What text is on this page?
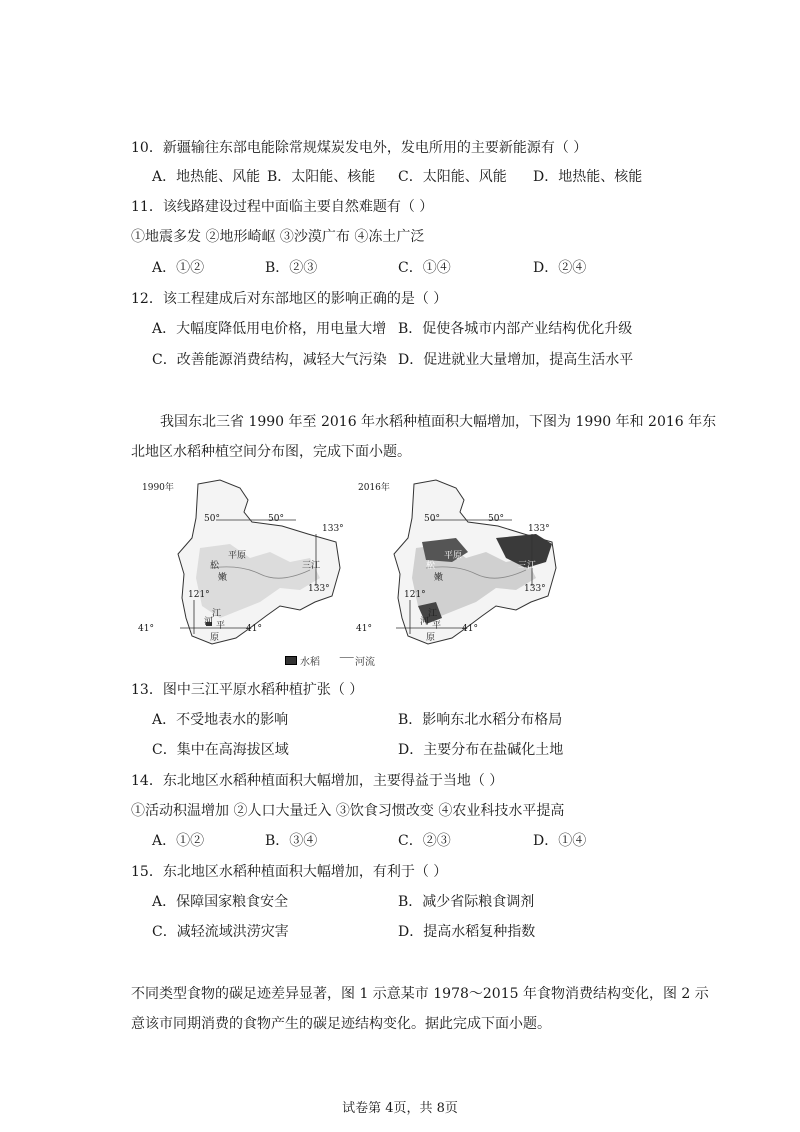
10．新疆输往东部电能除常规煤炭发电外，发电所用的主要新能源有（ ）
A．地热能、风能 B．太阳能、核能 C．太阳能、风能 D．地热能、核能
11．该线路建设过程中面临主要自然难题有（ ）
①地震多发 ②地形崎岖 ③沙漠广布 ④冻土广泛
A．①②	B．②③	C．①④	D．②④
12．该工程建成后对东部地区的影响正确的是（ ）
A．大幅度降低用电价格，用电量大增 B．促使各城市内部产业结构优化升级
C．改善能源消费结构，减轻大气污染 D．促进就业大量增加，提高生活水平
我国东北三省 1990 年至 2016 年水稻种植面积大幅增加，下图为 1990 年和 2016 年东
北地区水稻种植空间分布图，完成下面小题。
1990年
50°	50°
133°
133°
121°
41°	41°
松
嫩
平原
三江
江
河 平
原
2016年
50°	50°
133°
133°
121°
41°	41°
松
嫩
平原
三江
江
河 平
原
水稻	河流
13．图中三江平原水稻种植扩张（ ）
A．不受地表水的影响	B．影响东北水稻分布格局
C．集中在高海拔区域	D．主要分布在盐碱化土地
14．东北地区水稻种植面积大幅增加，主要得益于当地（ ）
①活动积温增加 ②人口大量迁入 ③饮食习惯改变 ④农业科技水平提高
A．①②	B．③④	C．②③	D．①④
15．东北地区水稻种植面积大幅增加，有利于（ ）
A．保障国家粮食安全	B．减少省际粮食调剂
C．减轻流域洪涝灾害	D．提高水稻复种指数
不同类型食物的碳足迹差异显著，图 1 示意某市 1978～2015 年食物消费结构变化，图 2 示
意该市同期消费的食物产生的碳足迹结构变化。据此完成下面小题。
试卷第 4页，共 8页
